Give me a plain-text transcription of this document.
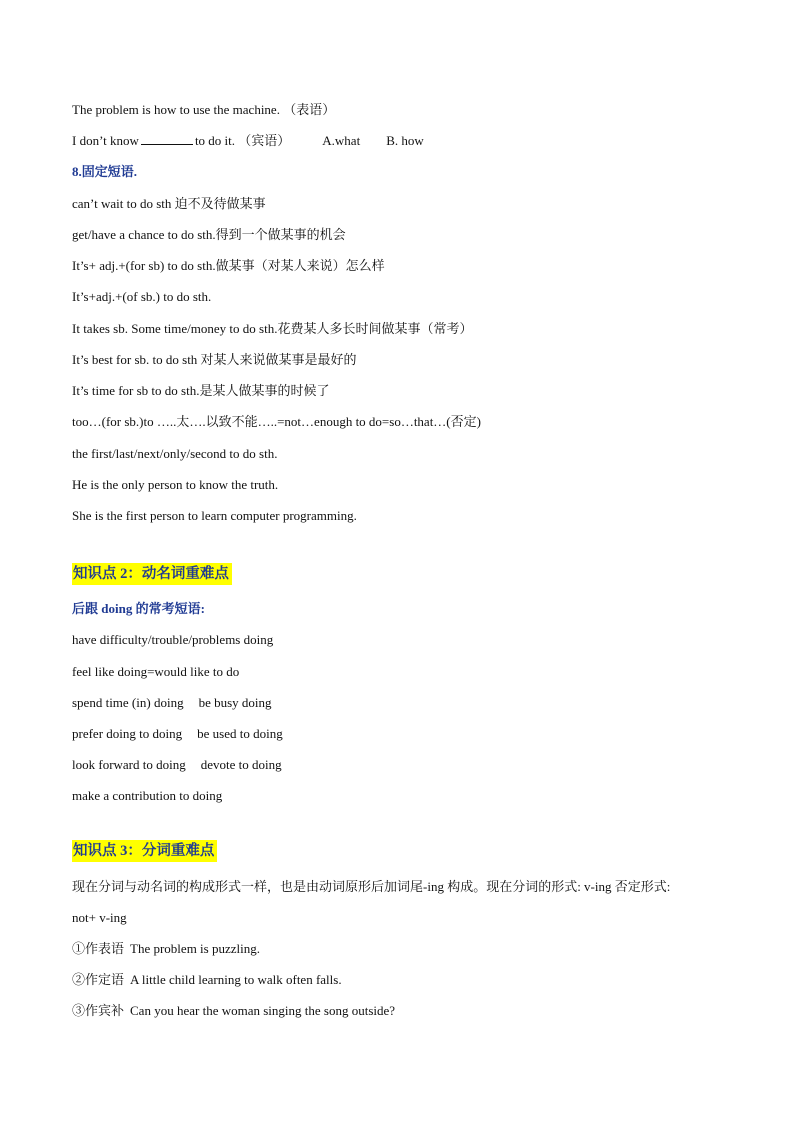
The problem is how to use the machine. （表语）
I don’t know	to do it. （宾语） A.what B. how
8.固定短语.
can’t wait to do sth 迫不及待做某事
get/have a chance to do sth.得到一个做某事的机会
It’s+ adj.+(for sb) to do sth.做某事（对某人来说）怎么样
It’s+adj.+(of sb.) to do sth.
It takes sb. Some time/money to do sth.花费某人多长时间做某事（常考）
It’s best for sb. to do sth 对某人来说做某事是最好的
It’s time for sb to do sth.是某人做某事的时候了
too…(for sb.)to …..太….以致不能…..=not…enough to do=so…that…(否定)
the first/last/next/only/second to do sth.
He is the only person to know the truth.
She is the first person to learn computer programming.
知识点 2：动名词重难点
后跟 doing 的常考短语:
have difficulty/trouble/problems doing
feel like doing=would like to do
spend time (in) doing be busy doing
prefer doing to doing be used to doing
look forward to doing devote to doing
make a contribution to doing
知识点 3：分词重难点
现在分词与动名词的构成形式一样，也是由动词原形后加词尾-ing 构成。现在分词的形式: v-ing 否定形式:
not+ v-ing
①作表语 The problem is puzzling.
②作定语 A little child learning to walk often falls.
③作宾补 Can you hear the woman singing the song outside?
